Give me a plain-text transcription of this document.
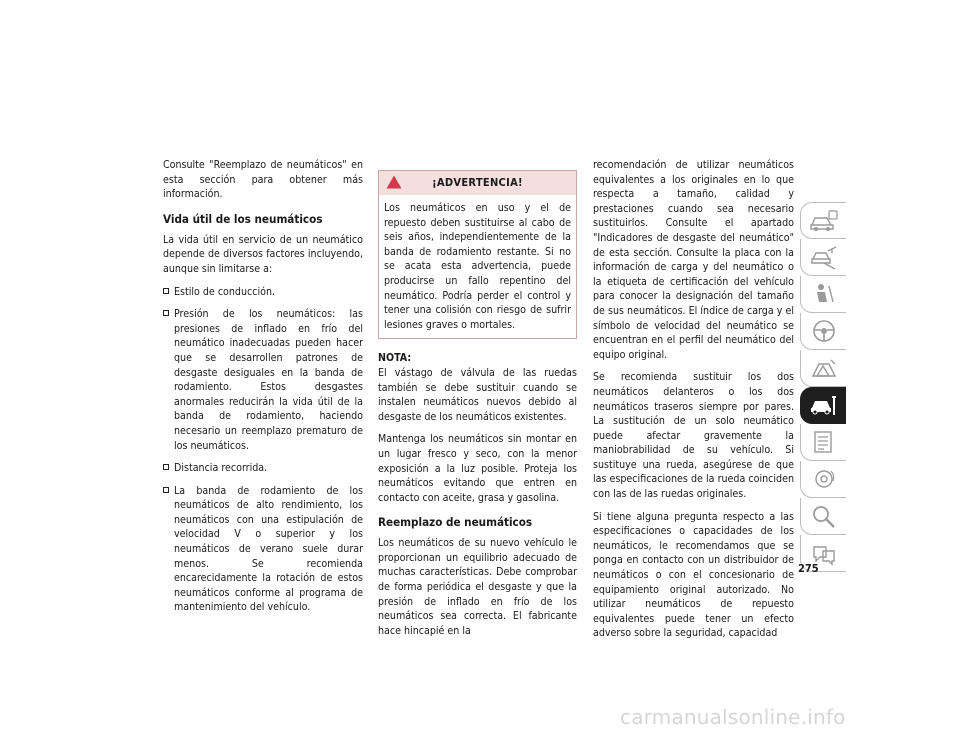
Consulte "Reemplazo de neumáticos" en esta sección para obtener más información.

Vida útil de los neumáticos

La vida útil en servicio de un neumático depende de diversos factores incluyendo, aunque sin limitarse a:

Estilo de conducción.
Presión de los neumáticos: las presiones de inflado en frío del neumático inadecuadas pueden hacer que se desarrollen patrones de desgaste desiguales en la banda de rodamiento. Estos desgastes anormales reducirán la vida útil de la banda de rodamiento, haciendo necesario un reemplazo prematuro de los neumáticos.
Distancia recorrida.
La banda de rodamiento de los neumáticos de alto rendimiento, los neumáticos con una estipulación de velocidad V o superior y los neumáticos de verano suele durar menos. Se recomienda encarecidamente la rotación de estos neumáticos conforme al programa de mantenimiento del vehículo.
¡ADVERTENCIA!
Los neumáticos en uso y el de repuesto deben sustituirse al cabo de seis años, independientemente de la banda de rodamiento restante. Si no se acata esta advertencia, puede producirse un fallo repentino del neumático. Podría perder el control y tener una colisión con riesgo de sufrir lesiones graves o mortales.
NOTA:

El vástago de válvula de las ruedas también se debe sustituir cuando se instalen neumáticos nuevos debido al desgaste de los neumáticos existentes.

Mantenga los neumáticos sin montar en un lugar fresco y seco, con la menor exposición a la luz posible. Proteja los neumáticos evitando que entren en contacto con aceite, grasa y gasolina.

Reemplazo de neumáticos

Los neumáticos de su nuevo vehículo le proporcionan un equilibrio adecuado de muchas características. Debe comprobar de forma periódica el desgaste y que la presión de inflado en frío de los neumáticos sea correcta. El fabricante hace hincapié en la

recomendación de utilizar neumáticos equivalentes a los originales en lo que respecta a tamaño, calidad y prestaciones cuando sea necesario sustituirlos. Consulte el apartado "Indicadores de desgaste del neumático" de esta sección. Consulte la placa con la información de carga y del neumático o la etiqueta de certificación del vehículo para conocer la designación del tamaño de sus neumáticos. El índice de carga y el símbolo de velocidad del neumático se encuentran en el perfil del neumático del equipo original.

Se recomienda sustituir los dos neumáticos delanteros o los dos neumáticos traseros siempre por pares. La sustitución de un solo neumático puede afectar gravemente la maniobrabilidad de su vehículo. Si sustituye una rueda, asegúrese de que las especificaciones de la rueda coinciden con las de las ruedas originales.

Si tiene alguna pregunta respecto a las especificaciones o capacidades de los neumáticos, le recomendamos que se ponga en contacto con un distribuidor de neumáticos o con el concesionario de equipamiento original autorizado. No utilizar neumáticos de repuesto equivalentes puede tener un efecto adverso sobre la seguridad, capacidad

275
carmanualsonline.info
